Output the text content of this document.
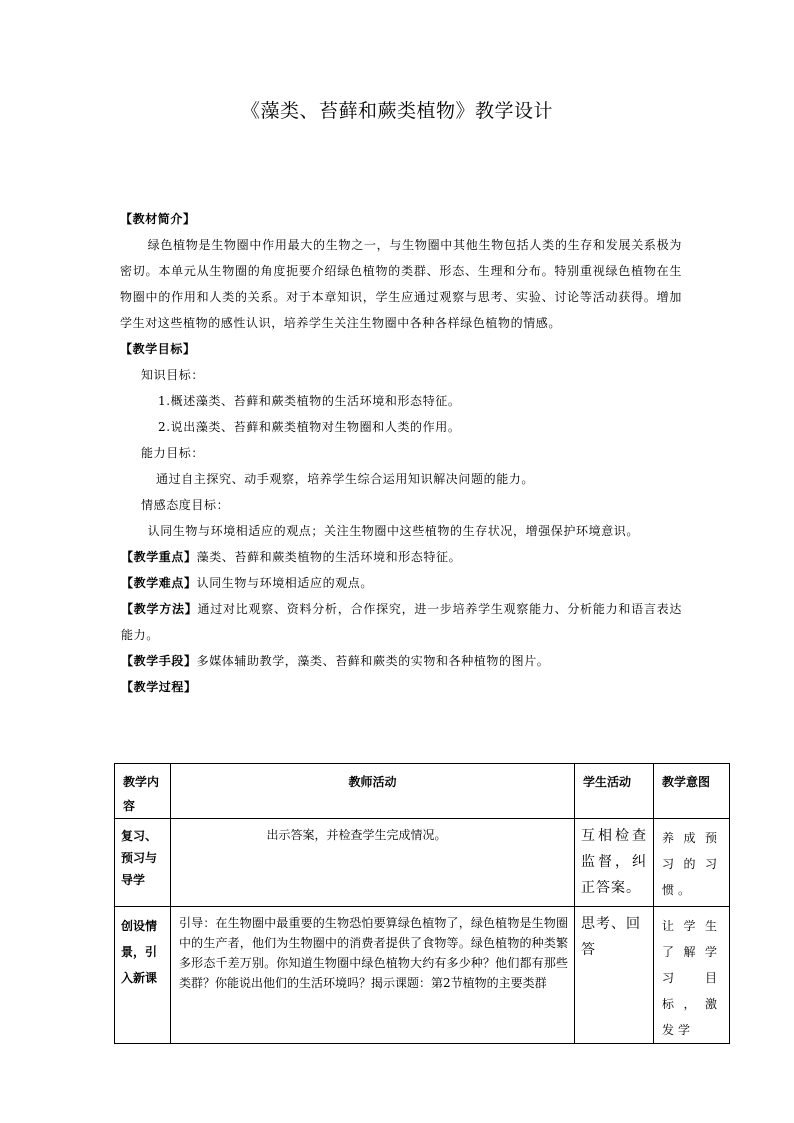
《藻类、苔藓和蕨类植物》教学设计

【教材简介】

绿色植物是生物圈中作用最大的生物之一，与生物圈中其他生物包括人类的生存和发展关系极为密切。本单元从生物圈的角度扼要介绍绿色植物的类群、形态、生理和分布。特别重视绿色植物在生物圈中的作用和人类的关系。对于本章知识，学生应通过观察与思考、实验、讨论等活动获得。增加学生对这些植物的感性认识，培养学生关注生物圈中各种各样绿色植物的情感。

【教学目标】

知识目标：

1.概述藻类、苔藓和蕨类植物的生活环境和形态特征。

2.说出藻类、苔藓和蕨类植物对生物圈和人类的作用。

能力目标：

通过自主探究、动手观察，培养学生综合运用知识解决问题的能力。

情感态度目标：

认同生物与环境相适应的观点；关注生物圈中这些植物的生存状况，增强保护环境意识。

【教学重点】藻类、苔藓和蕨类植物的生活环境和形态特征。

【教学难点】认同生物与环境相适应的观点。

【教学方法】通过对比观察、资料分析，合作探究，进一步培养学生观察能力、分析能力和语言表达能力。

【教学手段】多媒体辅助教学，藻类、苔藓和蕨类的实物和各种植物的图片。

【教学过程】

教学内容	教师活动	学生活动	教学意图
复习、预习与导学	出示答案，并检查学生完成情况。	互相检查监督，纠正答案。	养成预习的习惯。
创设情景，引入新课	引导：在生物圈中最重要的生物恐怕要算绿色植物了，绿色植物是生物圈中的生产者，他们为生物圈中的消费者提供了食物等。绿色植物的种类繁多形态千差万别。你知道生物圈中绿色植物大约有多少种？他们都有那些类群？你能说出他们的生活环境吗？揭示课题：第2节植物的主要类群	思考、回答	让学生了解学习目标，激发学
